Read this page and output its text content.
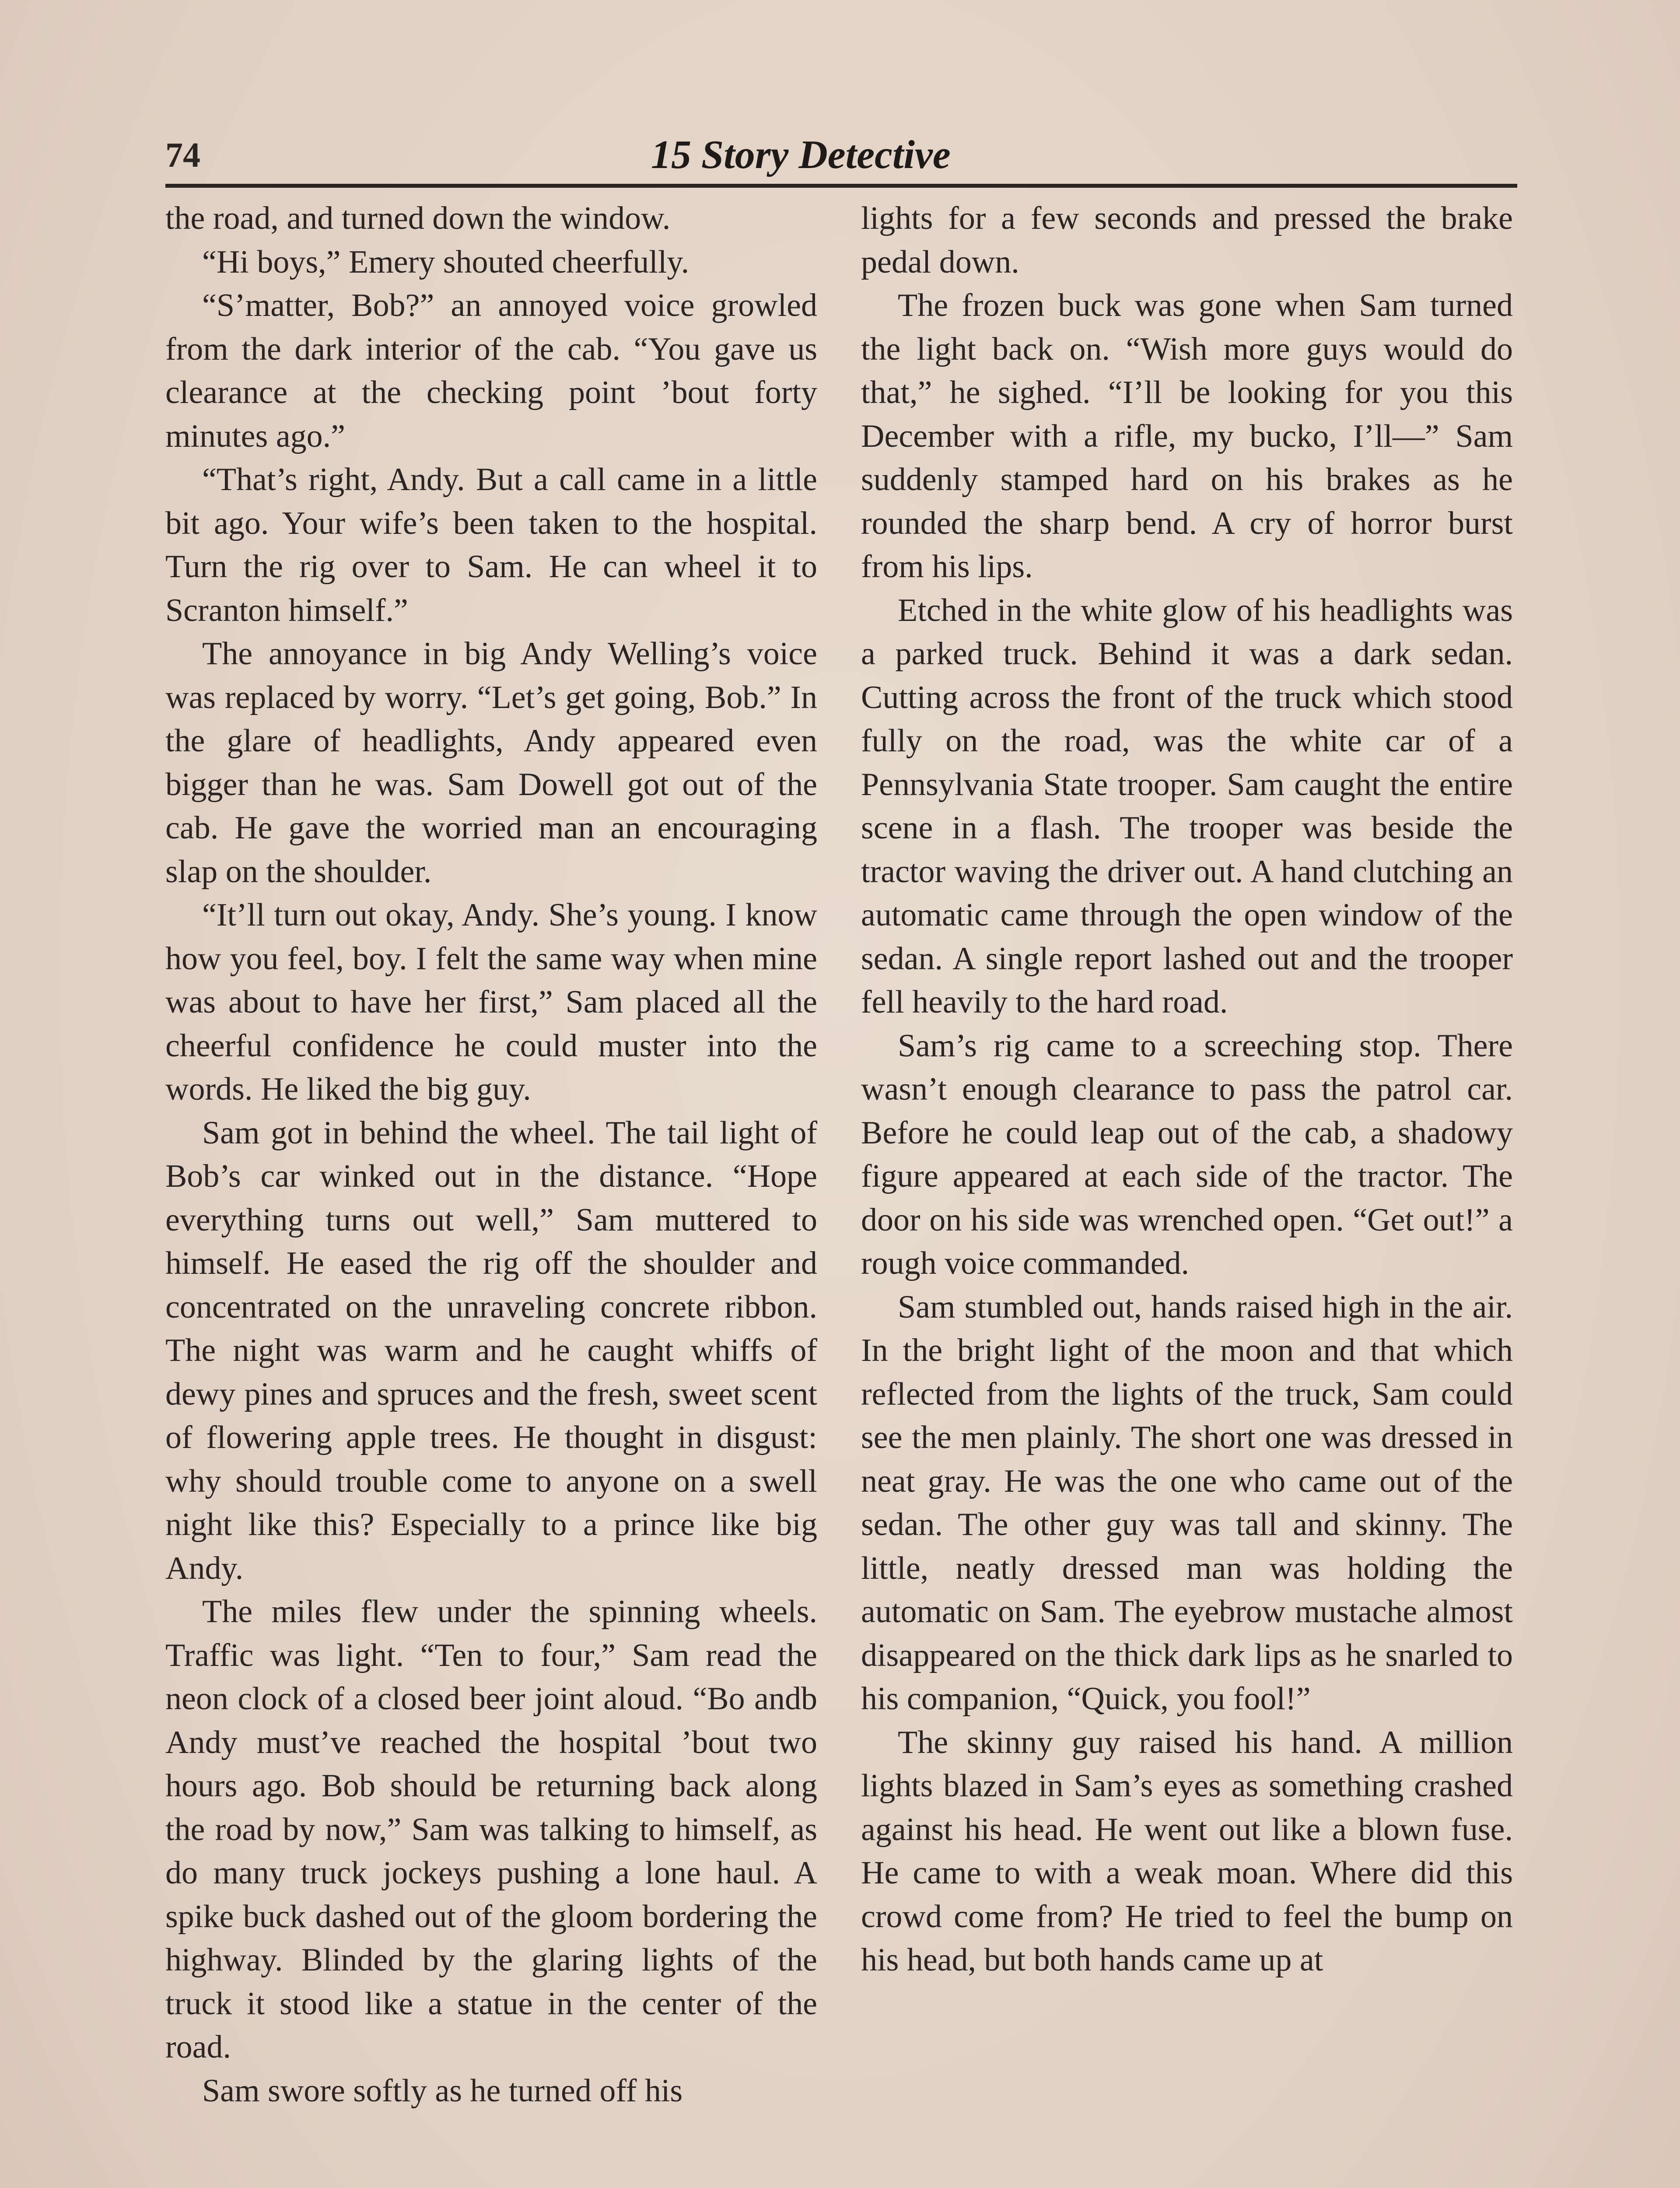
74	15 Story Detective

the road, and turned down the window.

“Hi boys,” Emery shouted cheerfully.

“S’matter, Bob?” an annoyed voice growled from the dark interior of the cab. “You gave us clearance at the checking point ’bout forty minutes ago.”

“That’s right, Andy. But a call came in a little bit ago. Your wife’s been taken to the hospital. Turn the rig over to Sam. He can wheel it to Scranton himself.”

The annoyance in big Andy Welling’s voice was replaced by worry. “Let’s get going, Bob.” In the glare of headlights, Andy appeared even bigger than he was. Sam Dowell got out of the cab. He gave the worried man an encouraging slap on the shoulder.

“It’ll turn out okay, Andy. She’s young. I know how you feel, boy. I felt the same way when mine was about to have her first,” Sam placed all the cheerful confidence he could muster into the words. He liked the big guy.

Sam got in behind the wheel. The tail light of Bob’s car winked out in the distance. “Hope everything turns out well,” Sam muttered to himself. He eased the rig off the shoulder and concentrated on the unraveling concrete ribbon. The night was warm and he caught whiffs of dewy pines and spruces and the fresh, sweet scent of flowering apple trees. He thought in disgust: why should trouble come to anyone on a swell night like this? Especially to a prince like big Andy.

The miles flew under the spinning wheels. Traffic was light. “Ten to four,” Sam read the neon clock of a closed beer joint aloud. “Bo andb Andy must’ve reached the hospital ’bout two hours ago. Bob should be returning back along the road by now,” Sam was talking to himself, as do many truck jockeys pushing a lone haul. A spike buck dashed out of the gloom bordering the highway. Blinded by the glaring lights of the truck it stood like a statue in the center of the road.

Sam swore softly as he turned off his

lights for a few seconds and pressed the brake pedal down.

The frozen buck was gone when Sam turned the light back on. “Wish more guys would do that,” he sighed. “I’ll be looking for you this December with a rifle, my bucko, I’ll—” Sam suddenly stamped hard on his brakes as he rounded the sharp bend. A cry of horror burst from his lips.

Etched in the white glow of his headlights was a parked truck. Behind it was a dark sedan. Cutting across the front of the truck which stood fully on the road, was the white car of a Pennsylvania State trooper. Sam caught the entire scene in a flash. The trooper was beside the tractor waving the driver out. A hand clutching an automatic came through the open window of the sedan. A single report lashed out and the trooper fell heavily to the hard road.

Sam’s rig came to a screeching stop. There wasn’t enough clearance to pass the patrol car. Before he could leap out of the cab, a shadowy figure appeared at each side of the tractor. The door on his side was wrenched open. “Get out!” a rough voice commanded.

Sam stumbled out, hands raised high in the air. In the bright light of the moon and that which reflected from the lights of the truck, Sam could see the men plainly. The short one was dressed in neat gray. He was the one who came out of the sedan. The other guy was tall and skinny. The little, neatly dressed man was holding the automatic on Sam. The eyebrow mustache almost disappeared on the thick dark lips as he snarled to his companion, “Quick, you fool!”

The skinny guy raised his hand. A million lights blazed in Sam’s eyes as something crashed against his head. He went out like a blown fuse. He came to with a weak moan. Where did this crowd come from? He tried to feel the bump on his head, but both hands came up at
